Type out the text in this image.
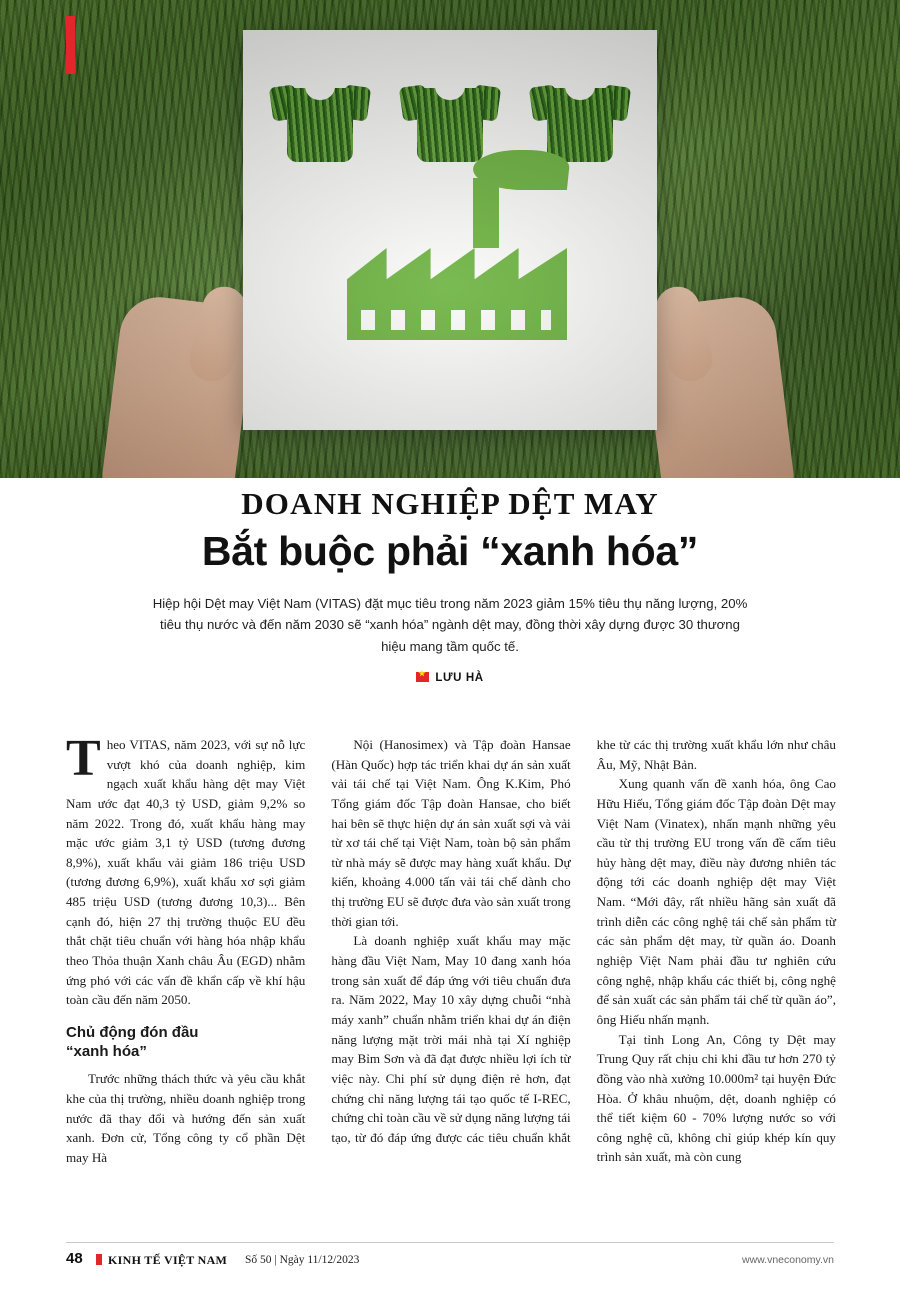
DOANH NGHIỆP DỆT MAY
Bắt buộc phải “xanh hóa”
Hiệp hội Dệt may Việt Nam (VITAS) đặt mục tiêu trong năm 2023 giảm 15% tiêu thụ năng lượng, 20% tiêu thụ nước và đến năm 2030 sẽ “xanh hóa” ngành dệt may, đồng thời xây dựng được 30 thương hiệu mang tầm quốc tế.
★LƯU HÀ

Theo VITAS, năm 2023, với sự nỗ lực vượt khó của doanh nghiệp, kim ngạch xuất khẩu hàng dệt may Việt Nam ước đạt 40,3 tỷ USD, giảm 9,2% so năm 2022. Trong đó, xuất khẩu hàng may mặc ước giảm 3,1 tỷ USD (tương đương 8,9%), xuất khẩu vải giảm 186 triệu USD (tương đương 6,9%), xuất khẩu xơ sợi giảm 485 triệu USD (tương đương 10,3)... Bên cạnh đó, hiện 27 thị trường thuộc EU đều thắt chặt tiêu chuẩn với hàng hóa nhập khẩu theo Thỏa thuận Xanh châu Âu (EGD) nhằm ứng phó với các vấn đề khẩn cấp về khí hậu toàn cầu đến năm 2050.

Chủ động đón đầu
“xanh hóa”

Trước những thách thức và yêu cầu khắt khe của thị trường, nhiều doanh nghiệp trong nước đã thay đổi và hướng đến sản xuất xanh. Đơn cử, Tổng công ty cổ phần Dệt may Hà

Nội (Hanosimex) và Tập đoàn Hansae (Hàn Quốc) hợp tác triển khai dự án sản xuất vải tái chế tại Việt Nam. Ông K.Kim, Phó Tổng giám đốc Tập đoàn Hansae, cho biết hai bên sẽ thực hiện dự án sản xuất sợi và vải từ xơ tái chế tại Việt Nam, toàn bộ sản phẩm từ nhà máy sẽ được may hàng xuất khẩu. Dự kiến, khoảng 4.000 tấn vải tái chế dành cho thị trường EU sẽ được đưa vào sản xuất trong thời gian tới.

Là doanh nghiệp xuất khẩu may mặc hàng đầu Việt Nam, May 10 đang xanh hóa trong sản xuất để đáp ứng với tiêu chuẩn đưa ra. Năm 2022, May 10 xây dựng chuỗi “nhà máy xanh” chuẩn nhằm triển khai dự án điện năng lượng mặt trời mái nhà tại Xí nghiệp may Bỉm Sơn và đã đạt được nhiều lợi ích từ việc này. Chi phí sử dụng điện rẻ hơn, đạt chứng chỉ năng lượng tái tạo quốc tế I-REC, chứng chỉ toàn cầu về sử dụng năng lượng tái tạo, từ đó đáp ứng được các tiêu chuẩn khắt khe từ các thị trường xuất khẩu lớn như châu Âu, Mỹ, Nhật Bản.

Xung quanh vấn đề xanh hóa, ông Cao Hữu Hiếu, Tổng giám đốc Tập đoàn Dệt may Việt Nam (Vinatex), nhấn mạnh những yêu cầu từ thị trường EU trong vấn đề cấm tiêu hủy hàng dệt may, điều này đương nhiên tác động tới các doanh nghiệp dệt may Việt Nam. “Mới đây, rất nhiều hãng sản xuất đã trình diễn các công nghệ tái chế sản phẩm từ các sản phẩm dệt may, từ quần áo. Doanh nghiệp Việt Nam phải đầu tư nghiên cứu công nghệ, nhập khẩu các thiết bị, công nghệ để sản xuất các sản phẩm tái chế từ quần áo”, ông Hiếu nhấn mạnh.

Tại tỉnh Long An, Công ty Dệt may Trung Quy rất chịu chi khi đầu tư hơn 270 tỷ đồng vào nhà xưởng 10.000m² tại huyện Đức Hòa. Ở khâu nhuộm, dệt, doanh nghiệp có thể tiết kiệm 60 - 70% lượng nước so với công nghệ cũ, không chỉ giúp khép kín quy trình sản xuất, mà còn cung

48 KINH TẾ VIỆT NAM Số 50 | Ngày 11/12/2023	www.vneconomy.vn
